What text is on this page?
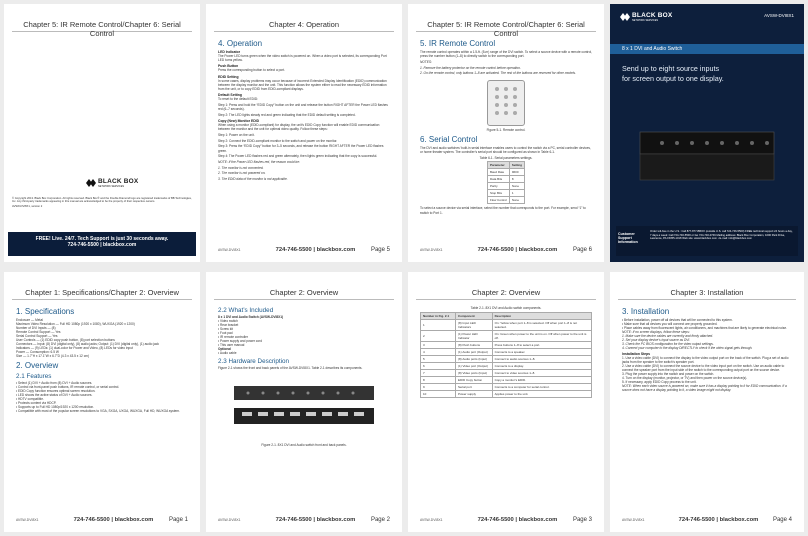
Chapter 5: IR Remote Control/Chapter 6: Serial Control
BLACK BOX
NETWORK SERVICES
© Copyright 2013. Black Box Corporation. All rights reserved. Black Box® and the Double Diamond logo are registered trademarks of BB Technologies, Inc. Any third-party trademarks appearing in this manual are acknowledged to be the property of their respective owners.
AVSW-DVI8X1, version 2
FREE! Live. 24/7. Tech Support is just 30 seconds away.
724-746-5500 | blackbox.com
Chapter 4: Operation
4. Operation
LED Indicator
The Power LED turns green when the video switch is powered on. When a video port is selected, its corresponding Port LED turns yellow.
Push Button
Press the corresponding button to select a port.
EDID Setting
In some cases, display problems may occur because of incorrect Extended Display Identification (EDID) communication between the display monitor and the unit. This function allows the system either to read the necessary EDID information from the unit, or to copy EDID from EDID-compliant displays.
Default Setting
To reset to the default EDID:
Step 1: Press and hold the “EDID Copy” button on the unit and release the button RIGHT AFTER the Power LED flashes red (6–7 seconds).
Step 2: The LED lights steady red and green indicating that the EDID default setting is completed.
Copy (New) Monitor EDID
When using a monitor (EDID-compliant) for display, the unit’s EDID Copy function will enable EDID communication between the monitor and the unit for optimal video quality. Follow these steps:
Step 1: Power on the unit.
Step 2: Connect the EDID-compliant monitor to the switch and power on the monitor.
Step 3: Press the “EDID Copy” button for 3–5 seconds, and release the button RIGHT AFTER the Power LED flashes green.
Step 4: The Power LED flashes red and green alternately, then lights green indicating that the copy is successful.
NOTE: If the Power LED flashes red, the reason could be:
1. The monitor is not connected.
2. The monitor is not powered on.
3. The EDID data of the monitor is not applicable.
AVSW-DVI8X1	724-746-5500 | blackbox.com	Page 5
Chapter 5: IR Remote Control/Chapter 6: Serial Control
5. IR Remote Control
The remote control operates within a 1.5-ft. (5-m) range of the DVI switch. To select a source device with a remote control, press the number button (1–8) to directly switch to the corresponding port.
NOTES:
1. Remove the battery protector on the remote control before operation.
2. On the remote control, only buttons 1–8 are activated. The rest of the buttons are reserved for other models.
Figure 5-1. Remote control.
6. Serial Control
The DVI and audio switches’ built-in serial interface enables users to control the switch via a PC, serial controller devices, or home theater system. The controller’s serial port should be configured as shown in Table 6-1.
Table 6-1. Serial parameters settings.
Parameter	Setting
Baud Rate	9600
Data Bits	8
Parity	None
Stop Bits	1
Flow Control	None
To select a source device via serial interface, select the number that corresponds to the port. For example, send “1” to switch to Port 1.
AVSW-DVI8X1	724-746-5500 | blackbox.com	Page 6
BLACK BOX
NETWORK SERVICES
AVSW-DVI8X1
8 x 1 DVI and Audio Switch
Send up to eight source inputs
for screen output to one display.
Customer Support Information
Order toll-free in the U.S.: Call 877-877-BBOX (outside U.S. call 724-746-5500) FREE technical support 24 hours a day, 7 days a week: Call 724-746-5500 or fax 724-746-0746 Mailing address: Black Box Corporation, 1000 Park Drive, Lawrence, PA 15055-1018 Web site: www.blackbox.com • E-mail: info@blackbox.com
Chapter 1: Specifications/Chapter 2: Overview
1. Specifications
Enclosure — Metal
Maximum Video Resolution — Full HD 1080p (1920 x 1080), WUXGA (1920 x 1200)
Number of DVI Inputs — (8)
Remote Control Support — Yes
Serial Control Support — Yes
User Controls — (1) EDID copy push button, (8) port selection buttons
Connectors — Input: (8) DVI (digital only), (8) audio jacks; Output: (1) DVI (digital only), (1) audio jack
Indicators — (9) LEDs: (1) dual-color for Power and Video, (8) LEDs for video input
Power — Consumption: 6.5 W
Size — 1.7"H x 17.1"W x 6.7"D (4.3 x 43.5 x 12 cm)
2. Overview
2.1 Features
• Select (1) DVI + Audio from (8) DVI + Audio sources.
• Control via front-panel push buttons, IR remote control, or serial control.
• EDID Copy function ensures optimal screen resolution.
• LED shows the active status of DVI + Audio sources.
• HDTV compatible.
• Protects content via HDCP.
• Supports up to Full HD 1080p/1920 x 1200 resolution.
• Compatible with most of the popular screen resolutions to VGA, SXGA, UXGA, WUXGA, Full HD, WUXGA system.
AVSW-DVI8X1	724-746-5500 | blackbox.com	Page 1
Chapter 2: Overview
2.2 What’s Included
8 x 1 DVI and Audio Switch (AVSW-DVI8X1)
• Video switch
• Rear bracket
• Screw kit
• Foot pad
• IR remote controller
• Power supply and power cord
• This user manual
Optional
• Audio cable
2.3 Hardware Description
Figure 2-1 shows the front and back panels of the AVSW-DVI8X1. Table 2-1 describes its components.
Figure 2-1. 8X1 DVI and Audio switch front and back panels.
AVSW-DVI8X1	724-746-5500 | blackbox.com	Page 2
Chapter 2: Overview
Table 2-1. 8X1 DVI and Audio switch components.
Number in Fig. 2-1	Component	Description
1	(8) Input LED Indicators	On: Yellow when port 1–8 is selected. Off when port 1–8 is not selected.
2	(1) Power LED Indicator	On: Green when power to the unit is on. Off when power to the unit is off.
3	(8) Push buttons	Press buttons 1–8 to select a port.
4	(1) Audio port (Output)	Connects to a speaker.
5	(8) Audio ports (Input)	Connect to audio sources 1–8.
6	(1) Video port (Output)	Connects to a display.
7	(8) Video ports (Input)	Connect to video sources 1–8.
8	EDID Copy button	Copy a monitor’s EDID.
9	Serial port	Connects to a computer for serial control.
10	Power supply	Applies power to the unit.
AVSW-DVI8X1	724-746-5500 | blackbox.com	Page 3
Chapter 3: Installation
3. Installation
• Before installation, power off all devices that will be connected to this system.
• Make sure that all devices you will connect are properly grounded.
• Place cables away from fluorescent lights, air conditioners, and machines that are likely to generate electrical noise.
NOTE: If no screen displays, follow these steps:
1. Make sure the device cables are correctly and firmly attached.
2. Set your display device’s input source as DVI.
3. Check the PC BIOS configuration for the video output settings.
4. Connect your computer to the display DIRECTLY to check if the video signal gets through.
Installation Steps
1. Use a video cable (DVI) to connect the display to the video output port on the back of the switch. Plug a set of audio jacks from the speaker to the switch’s speaker port.
2. Use a video cable (DVI) to connect the source device to the video input port on the switch. Use an audio cable to connect the speaker port from the input side of the switch to the corresponding output port on the source device.
3. Plug the power supply into the switch and power on the switch.
4. Turn on the display (monitor, projector, or TV) and then power on the source device(s).
5. If necessary, apply EDID Copy process to the unit.
NOTE: When each video source is powered on, make sure it has a display pointing to it for EDID communication. If a source does not have a display pointing to it, a video image might not display.
AVSW-DVI8X1	724-746-5500 | blackbox.com	Page 4
